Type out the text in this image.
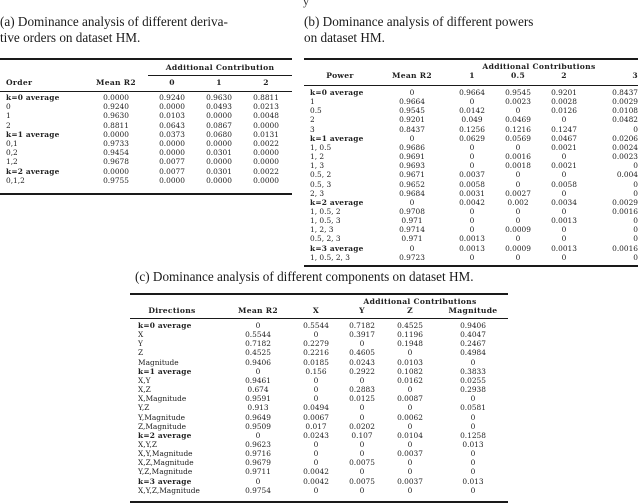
y
(a) Dominance analysis of different deriva-
tive orders on dataset HM.
Additional Contribution
Order	Mean R2	0	1	2
k=0 average	0.0000	0.9240	0.9630	0.8811
0	0.9240	0.0000	0.0493	0.0213
1	0.9630	0.0103	0.0000	0.0048
2	0.8811	0.0643	0.0867	0.0000
k=1 average	0.0000	0.0373	0.0680	0.0131
0,1	0.9733	0.0000	0.0000	0.0022
0,2	0.9454	0.0000	0.0301	0.0000
1,2	0.9678	0.0077	0.0000	0.0000
k=2 average	0.0000	0.0077	0.0301	0.0022
0,1,2	0.9755	0.0000	0.0000	0.0000
(b) Dominance analysis of different powers
on dataset HM.
Additional Contributions
Power	Mean R2	1	0.5	2	3
k=0 average	0	0.9664	0.9545	0.9201	0.8437
1	0.9664	0	0.0023	0.0028	0.0029
0.5	0.9545	0.0142	0	0.0126	0.0108
2	0.9201	0.049	0.0469	0	0.0482
3	0.8437	0.1256	0.1216	0.1247	0
k=1 average	0	0.0629	0.0569	0.0467	0.0206
1, 0.5	0.9686	0	0	0.0021	0.0024
1, 2	0.9691	0	0.0016	0	0.0023
1, 3	0.9693	0	0.0018	0.0021	0
0.5, 2	0.9671	0.0037	0	0	0.004
0.5, 3	0.9652	0.0058	0	0.0058	0
2, 3	0.9684	0.0031	0.0027	0	0
k=2 average	0	0.0042	0.002	0.0034	0.0029
1, 0.5, 2	0.9708	0	0	0	0.0016
1, 0.5, 3	0.971	0	0	0.0013	0
1, 2, 3	0.9714	0	0.0009	0	0
0.5, 2, 3	0.971	0.0013	0	0	0
k=3 average	0	0.0013	0.0009	0.0013	0.0016
1, 0.5, 2, 3	0.9723	0	0	0	0
(c) Dominance analysis of different components on dataset HM.
Additional Contributions
Directions	Mean R2	X	Y	Z	Magnitude
k=0 average	0	0.5544	0.7182	0.4525	0.9406
X	0.5544	0	0.3917	0.1196	0.4047
Y	0.7182	0.2279	0	0.1948	0.2467
Z	0.4525	0.2216	0.4605	0	0.4984
Magnitude	0.9406	0.0185	0.0243	0.0103	0
k=1 average	0	0.156	0.2922	0.1082	0.3833
X,Y	0.9461	0	0	0.0162	0.0255
X,Z	0.674	0	0.2883	0	0.2938
X,Magnitude	0.9591	0	0.0125	0.0087	0
Y,Z	0.913	0.0494	0	0	0.0581
Y,Magnitude	0.9649	0.0067	0	0.0062	0
Z,Magnitude	0.9509	0.017	0.0202	0	0
k=2 average	0	0.0243	0.107	0.0104	0.1258
X,Y,Z	0.9623	0	0	0	0.013
X,Y,Magnitude	0.9716	0	0	0.0037	0
X,Z,Magnitude	0.9679	0	0.0075	0	0
Y,Z,Magnitude	0.9711	0.0042	0	0	0
k=3 average	0	0.0042	0.0075	0.0037	0.013
X,Y,Z,Magnitude	0.9754	0	0	0	0
